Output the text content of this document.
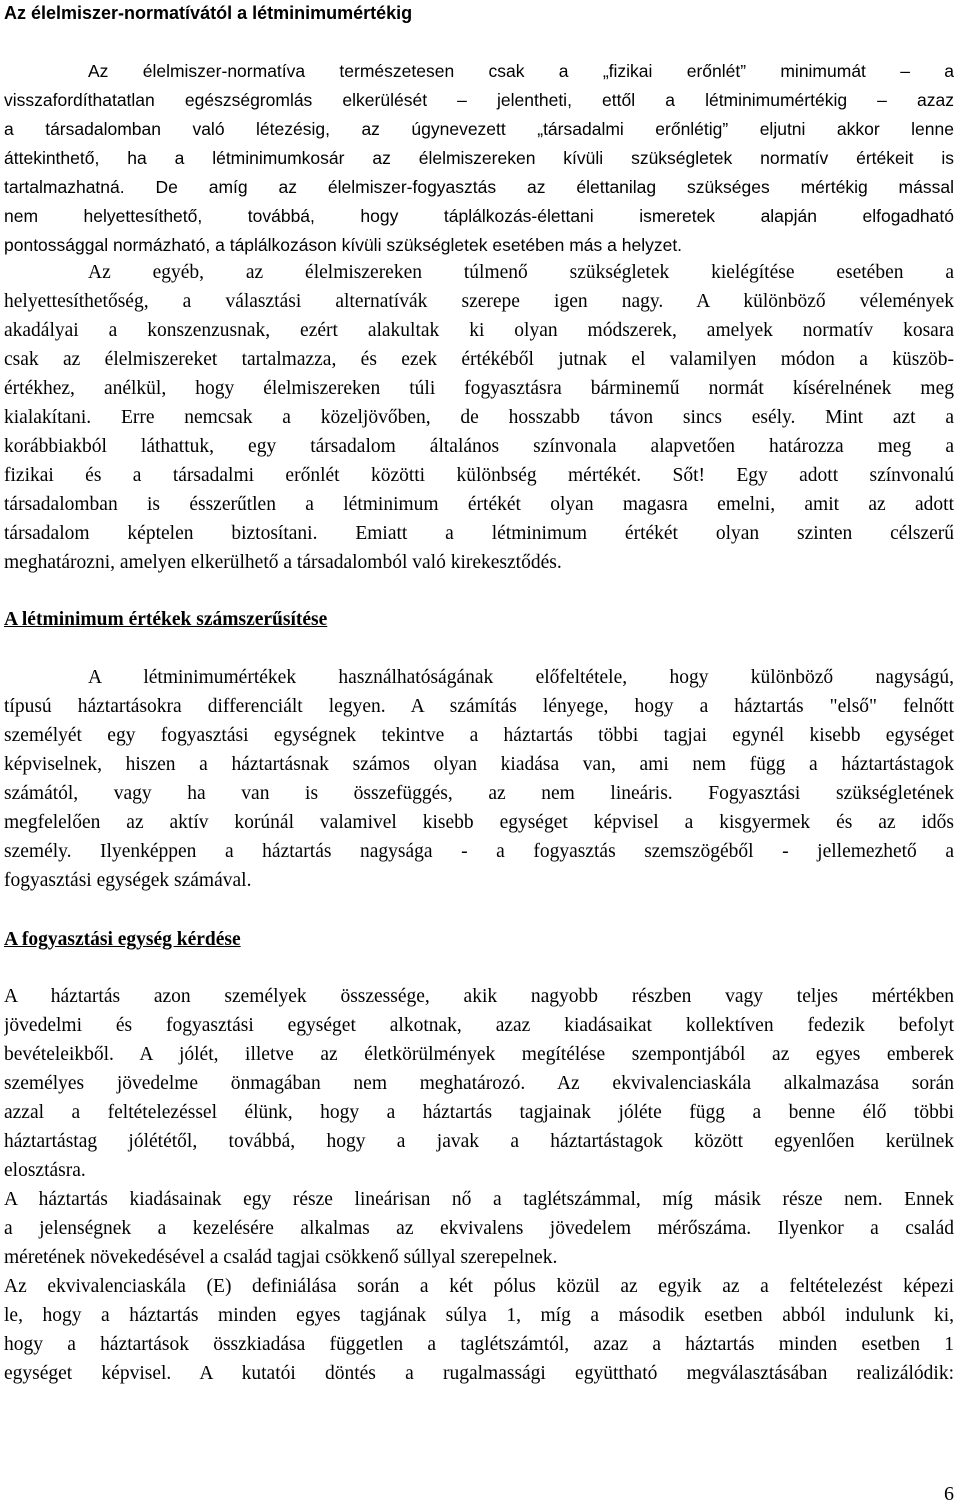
Az élelmiszer-normatívától a létminimumértékig
Az élelmiszer-normatíva természetesen csak a „fizikai erőnlét” minimumát – a
visszafordíthatatlan egészségromlás elkerülését – jelentheti, ettől a létminimumértékig – azaz
a társadalomban való létezésig, az úgynevezett „társadalmi erőnlétig” eljutni akkor lenne
áttekinthető, ha a létminimumkosár az élelmiszereken kívüli szükségletek normatív értékeit is
tartalmazhatná. De amíg az élelmiszer-fogyasztás az élettanilag szükséges mértékig mással
nem helyettesíthető, továbbá, hogy táplálkozás-élettani ismeretek alapján elfogadható
pontossággal normázható, a táplálkozáson kívüli szükségletek esetében más a helyzet.
Az egyéb, az élelmiszereken túlmenő szükségletek kielégítése esetében a
helyettesíthetőség, a választási alternatívák szerepe igen nagy. A különböző vélemények
akadályai a konszenzusnak, ezért alakultak ki olyan módszerek, amelyek normatív kosara
csak az élelmiszereket tartalmazza, és ezek értékéből jutnak el valamilyen módon a küszöb-
értékhez, anélkül, hogy élelmiszereken túli fogyasztásra bárminemű normát kísérelnének meg
kialakítani. Erre nemcsak a közeljövőben, de hosszabb távon sincs esély. Mint azt a
korábbiakból láthattuk, egy társadalom általános színvonala alapvetően határozza meg a
fizikai és a társadalmi erőnlét közötti különbség mértékét. Sőt! Egy adott színvonalú
társadalomban is ésszerűtlen a létminimum értékét olyan magasra emelni, amit az adott
társadalom képtelen biztosítani. Emiatt a létminimum értékét olyan szinten célszerű
meghatározni, amelyen elkerülhető a társadalomból való kirekesztődés.
A létminimum értékek számszerűsítése
A létminimumértékek használhatóságának előfeltétele, hogy különböző nagyságú,
típusú háztartásokra differenciált legyen. A számítás lényege, hogy a háztartás "első" felnőtt
személyét egy fogyasztási egységnek tekintve a háztartás többi tagjai egynél kisebb egységet
képviselnek, hiszen a háztartásnak számos olyan kiadása van, ami nem függ a háztartástagok
számától, vagy ha van is összefüggés, az nem lineáris. Fogyasztási szükségletének
megfelelően az aktív korúnál valamivel kisebb egységet képvisel a kisgyermek és az idős
személy. Ilyenképpen a háztartás nagysága - a fogyasztás szemszögéből - jellemezhető a
fogyasztási egységek számával.
A fogyasztási egység kérdése
A háztartás azon személyek összessége, akik nagyobb részben vagy teljes mértékben
jövedelmi és fogyasztási egységet alkotnak, azaz kiadásaikat kollektíven fedezik befolyt
bevételeikből. A jólét, illetve az életkörülmények megítélése szempontjából az egyes emberek
személyes jövedelme önmagában nem meghatározó. Az ekvivalenciaskála alkalmazása során
azzal a feltételezéssel élünk, hogy a háztartás tagjainak jóléte függ a benne élő többi
háztartástag jólététől, továbbá, hogy a javak a háztartástagok között egyenlően kerülnek
elosztásra.
A háztartás kiadásainak egy része lineárisan nő a taglétszámmal, míg másik része nem. Ennek
a jelenségnek a kezelésére alkalmas az ekvivalens jövedelem mérőszáma. Ilyenkor a család
méretének növekedésével a család tagjai csökkenő súllyal szerepelnek.
Az ekvivalenciaskála (E) definiálása során a két pólus közül az egyik az a feltételezést képezi
le, hogy a háztartás minden egyes tagjának súlya 1, míg a második esetben abból indulunk ki,
hogy a háztartások összkiadása független a taglétszámtól, azaz a háztartás minden esetben 1
egységet képvisel. A kutatói döntés a rugalmassági együttható megválasztásában realizálódik:
6
